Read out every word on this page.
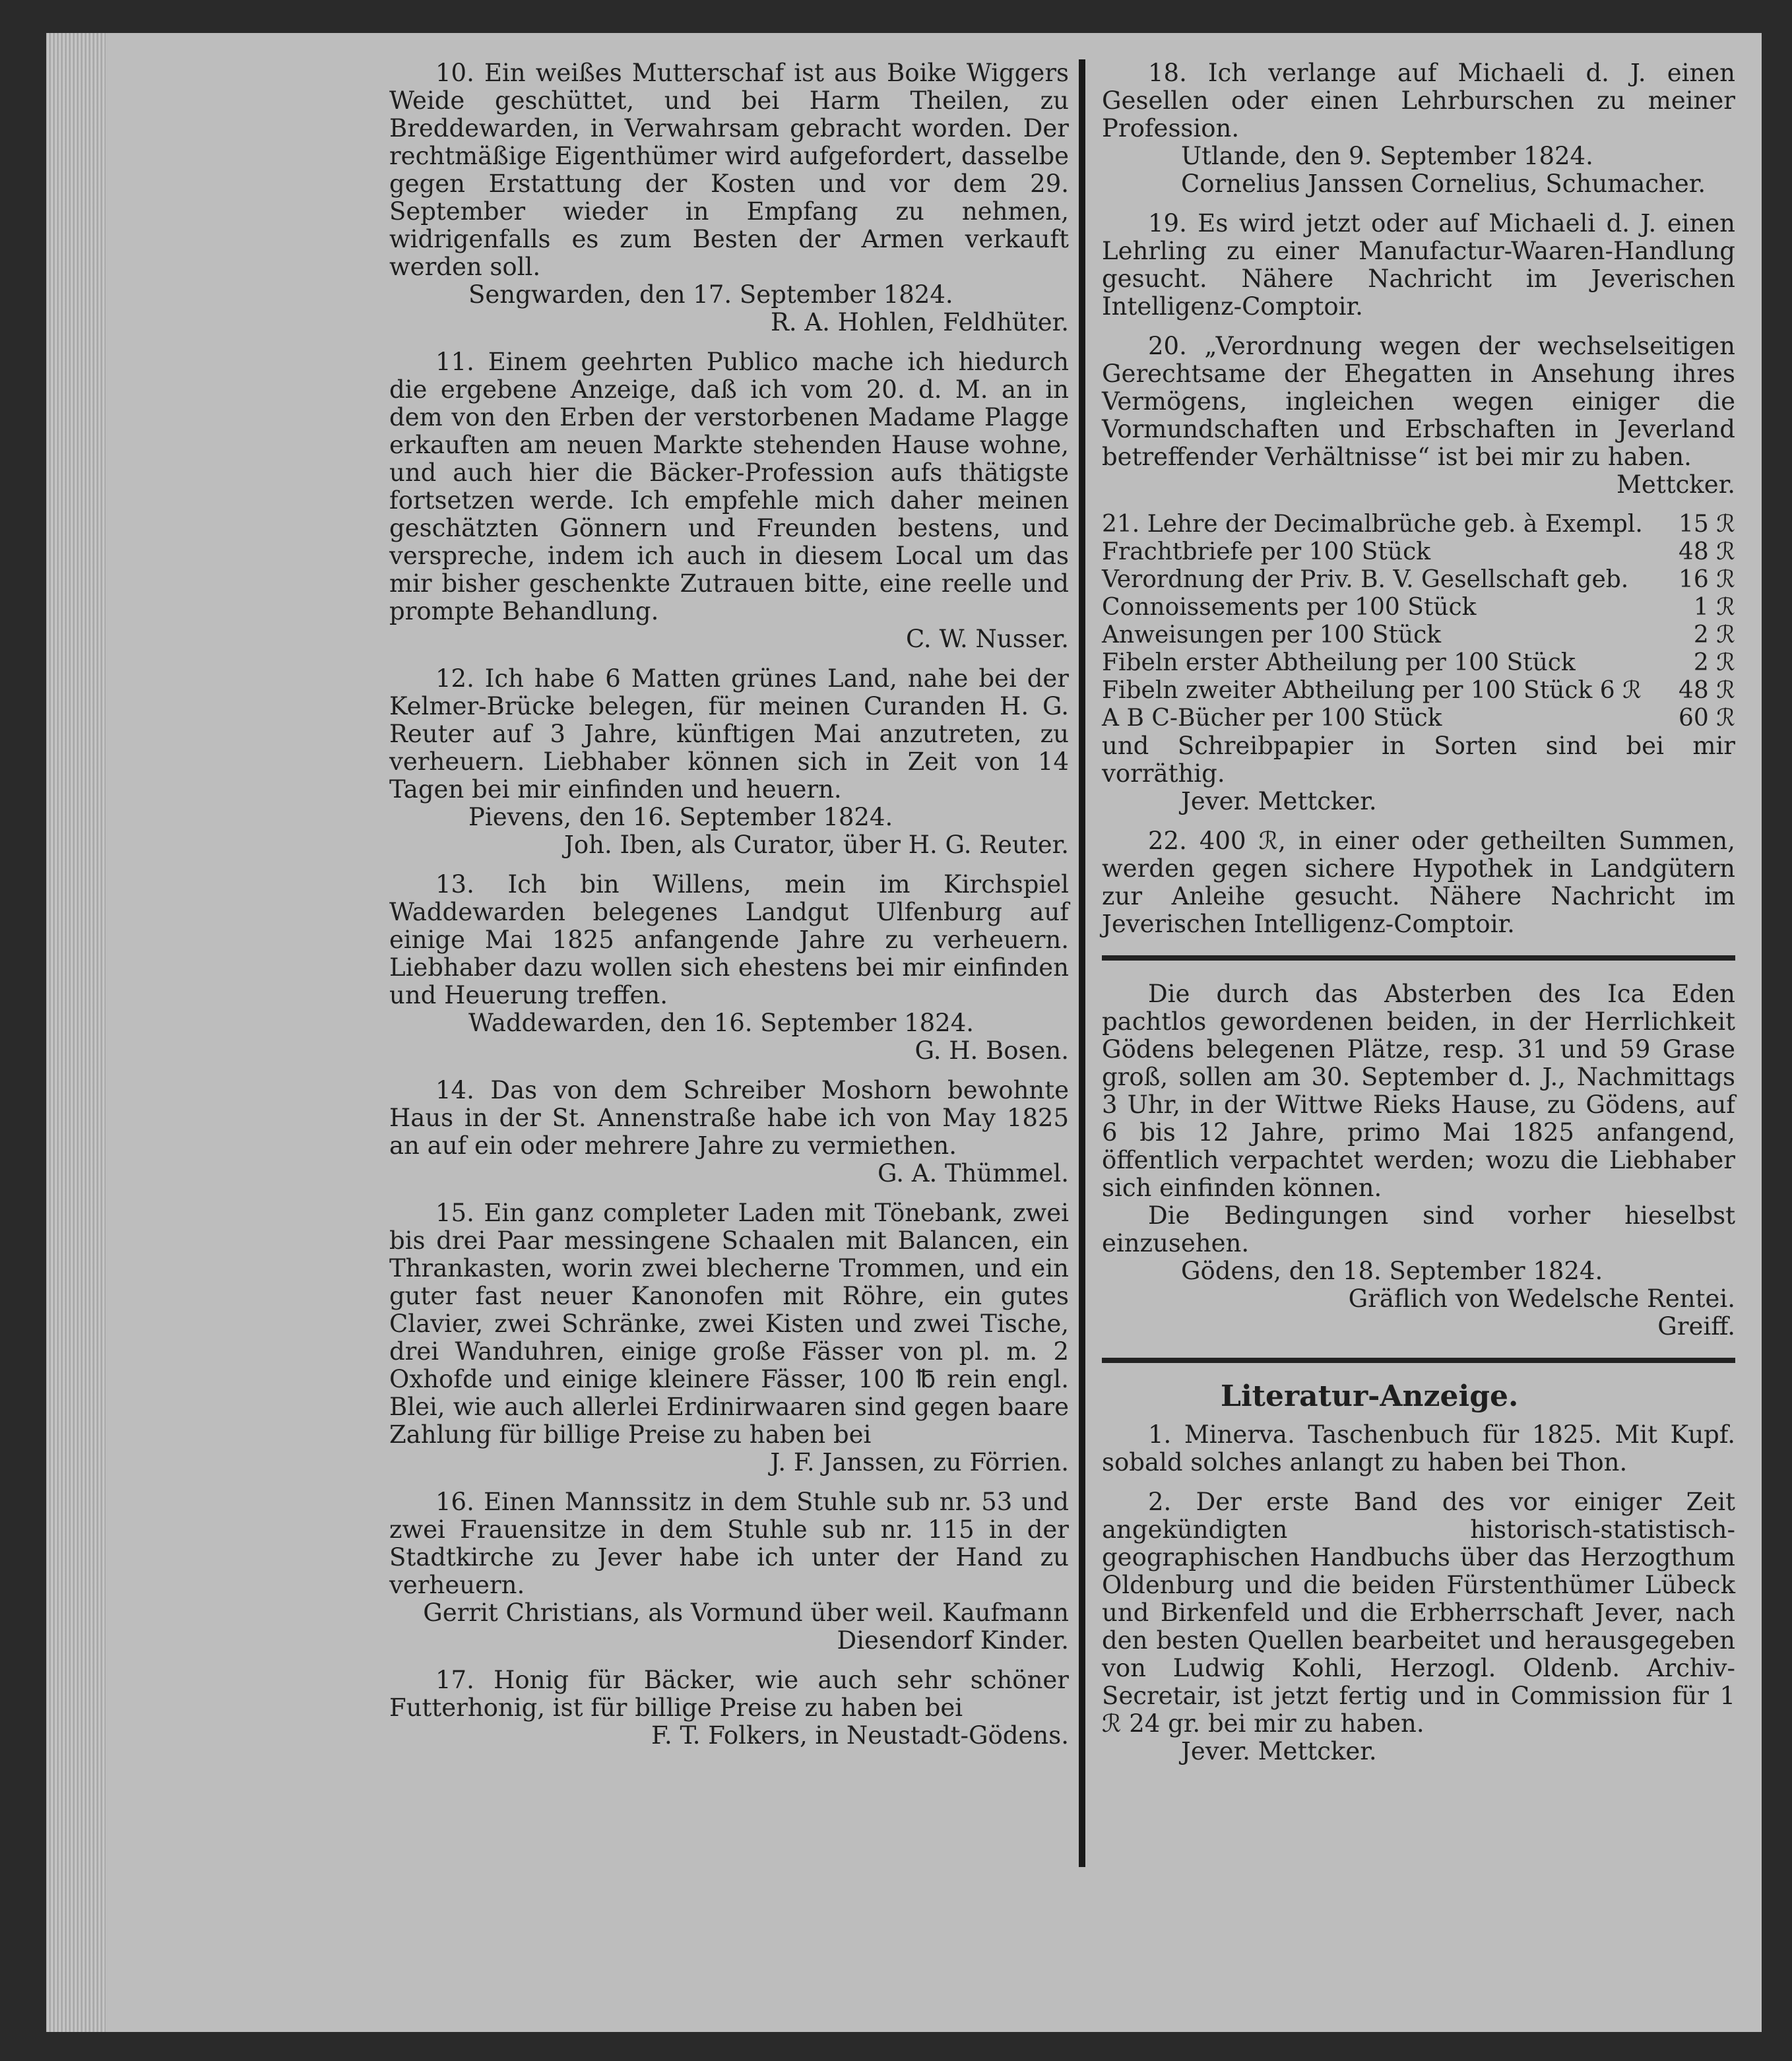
10. Ein weißes Mutterschaf ist aus Boike Wiggers Weide geschüttet, und bei Harm Theilen, zu Breddewarden, in Verwahrsam gebracht worden. Der rechtmäßige Eigenthümer wird aufgefordert, dasselbe gegen Erstattung der Kosten und vor dem 29. September wieder in Empfang zu nehmen, widrigenfalls es zum Besten der Armen verkauft werden soll.

Sengwarden, den 17. September 1824.

R. A. Hohlen, Feldhüter.

11. Einem geehrten Publico mache ich hiedurch die ergebene Anzeige, daß ich vom 20. d. M. an in dem von den Erben der verstorbenen Madame Plagge erkauften am neuen Markte stehenden Hause wohne, und auch hier die Bäcker-Profession aufs thätigste fortsetzen werde. Ich empfehle mich daher meinen geschätzten Gönnern und Freunden bestens, und verspreche, indem ich auch in diesem Local um das mir bisher geschenkte Zutrauen bitte, eine reelle und prompte Behandlung.

C. W. Nusser.

12. Ich habe 6 Matten grünes Land, nahe bei der Kelmer-Brücke belegen, für meinen Curanden H. G. Reuter auf 3 Jahre, künftigen Mai anzutreten, zu verheuern. Liebhaber können sich in Zeit von 14 Tagen bei mir einfinden und heuern.

Pievens, den 16. September 1824.

Joh. Iben, als Curator, über H. G. Reuter.

13. Ich bin Willens, mein im Kirchspiel Waddewarden belegenes Landgut Ulfenburg auf einige Mai 1825 anfangende Jahre zu verheuern. Liebhaber dazu wollen sich ehestens bei mir einfinden und Heuerung treffen.

Waddewarden, den 16. September 1824.

G. H. Bosen.

14. Das von dem Schreiber Moshorn bewohnte Haus in der St. Annenstraße habe ich von May 1825 an auf ein oder mehrere Jahre zu vermiethen.

G. A. Thümmel.

15. Ein ganz completer Laden mit Tönebank, zwei bis drei Paar messingene Schaalen mit Balancen, ein Thrankasten, worin zwei blecherne Trommen, und ein guter fast neuer Kanonofen mit Röhre, ein gutes Clavier, zwei Schränke, zwei Kisten und zwei Tische, drei Wanduhren, einige große Fässer von pl. m. 2 Oxhofde und einige kleinere Fässer, 100 ℔ rein engl. Blei, wie auch allerlei Erdinirwaaren sind gegen baare Zahlung für billige Preise zu haben bei

J. F. Janssen, zu Förrien.

16. Einen Mannssitz in dem Stuhle sub nr. 53 und zwei Frauensitze in dem Stuhle sub nr. 115 in der Stadtkirche zu Jever habe ich unter der Hand zu verheuern.

Gerrit Christians, als Vormund über weil. Kaufmann Diesendorf Kinder.

17. Honig für Bäcker, wie auch sehr schöner Futterhonig, ist für billige Preise zu haben bei

F. T. Folkers, in Neustadt-Gödens.

18. Ich verlange auf Michaeli d. J. einen Gesellen oder einen Lehrburschen zu meiner Profession.

Utlande, den 9. September 1824.

Cornelius Janssen Cornelius, Schumacher.

19. Es wird jetzt oder auf Michaeli d. J. einen Lehrling zu einer Manufactur-Waaren-Handlung gesucht. Nähere Nachricht im Jeverischen Intelligenz-Comptoir.

20. „Verordnung wegen der wechselseitigen Gerechtsame der Ehegatten in Ansehung ihres Vermögens, ingleichen wegen einiger die Vormundschaften und Erbschaften in Jeverland betreffender Verhältnisse“ ist bei mir zu haben.

Mettcker.

21. Lehre der Decimalbrüche geb. à Exempl.	15 ℛ
Frachtbriefe per 100 Stück	48 ℛ
Verordnung der Priv. B. V. Gesellschaft geb.	16 ℛ
Connoissements per 100 Stück	1 ℛ
Anweisungen per 100 Stück	2 ℛ
Fibeln erster Abtheilung per 100 Stück	2 ℛ
Fibeln zweiter Abtheilung per 100 Stück 6 ℛ	48 ℛ
A B C-Bücher per 100 Stück	60 ℛ

und Schreibpapier in Sorten sind bei mir vorräthig.

Jever. Mettcker.

22. 400 ℛ, in einer oder getheilten Summen, werden gegen sichere Hypothek in Landgütern zur Anleihe gesucht. Nähere Nachricht im Jeverischen Intelligenz-Comptoir.

Die durch das Absterben des Ica Eden pachtlos gewordenen beiden, in der Herrlichkeit Gödens belegenen Plätze, resp. 31 und 59 Grase groß, sollen am 30. September d. J., Nachmittags 3 Uhr, in der Wittwe Rieks Hause, zu Gödens, auf 6 bis 12 Jahre, primo Mai 1825 anfangend, öffentlich verpachtet werden; wozu die Liebhaber sich einfinden können.

Die Bedingungen sind vorher hieselbst einzusehen.

Gödens, den 18. September 1824.

Gräflich von Wedelsche Rentei.

Greiff.

Literatur-Anzeige.

1. Minerva. Taschenbuch für 1825. Mit Kupf. sobald solches anlangt zu haben bei Thon.

2. Der erste Band des vor einiger Zeit angekündigten historisch-statistisch-geographischen Handbuchs über das Herzogthum Oldenburg und die beiden Fürstenthümer Lübeck und Birkenfeld und die Erbherrschaft Jever, nach den besten Quellen bearbeitet und herausgegeben von Ludwig Kohli, Herzogl. Oldenb. Archiv-Secretair, ist jetzt fertig und in Commission für 1 ℛ 24 gr. bei mir zu haben.

Jever. Mettcker.
